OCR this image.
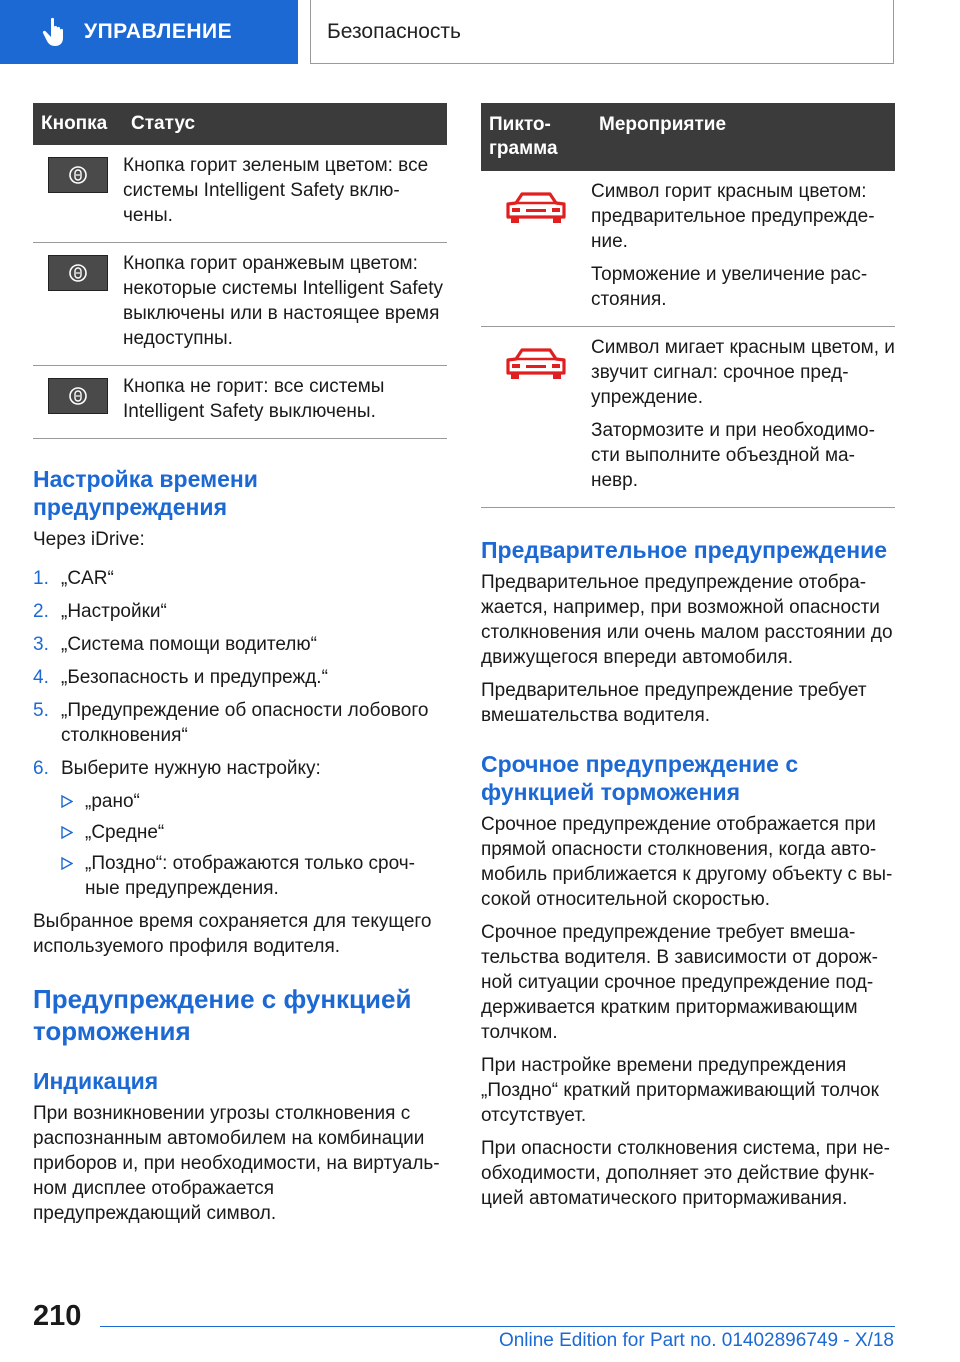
УПРАВЛЕНИЕ	Безопасность
Кнопка	Статус
Кнопка горит зеленым цветом: все системы Intelligent Safety вклю-чены.
Кнопка горит оранжевым цветом: некоторые системы Intelligent Safety выключены или в настоящее время недоступны.
Кнопка не горит: все системы Intelligent Safety выключены.
Настройка времени предупреждения

Через iDrive:

1. „CAR“
2. „Настройки“
3. „Система помощи водителю“
4. „Безопасность и предупрежд.“
5. „Предупреждение об опасности лобового столкновения“
6. Выберите нужную настройку:
„рано“
„Средне“
„Поздно“: отображаются только сроч-ные предупреждения.

Выбранное время сохраняется для текущего используемого профиля водителя.

Предупреждение с функцией торможения
Индикация

При возникновении угрозы столкновения с распознанным автомобилем на комбинации приборов и, при необходимости, на виртуаль-ном дисплее отображается предупреждающий символ.

Пикто-грамма
Мероприятие

Символ горит красным цветом: предварительное предупрежде-ние.

Торможение и увеличение рас-стояния.

Символ мигает красным цветом, и звучит сигнал: срочное пред-упреждение.

Затормозите и при необходимо-сти выполните объездной ма-невр.

Предварительное предупреждение

Предварительное предупреждение отобра-жается, например, при возможной опасности столкновения или очень малом расстоянии до движущегося впереди автомобиля.

Предварительное предупреждение требует вмешательства водителя.

Срочное предупреждение с функцией торможения

Срочное предупреждение отображается при прямой опасности столкновения, когда авто-мобиль приближается к другому объекту с вы-сокой относительной скоростью.

Срочное предупреждение требует вмеша-тельства водителя. В зависимости от дорож-ной ситуации срочное предупреждение под-держивается кратким притормаживающим толчком.

При настройке времени предупреждения „Поздно“ краткий притормаживающий толчок отсутствует.

При опасности столкновения система, при не-обходимости, дополняет это действие функ-цией автоматического притормаживания.

210
Online Edition for Part no. 01402896749 - X/18
